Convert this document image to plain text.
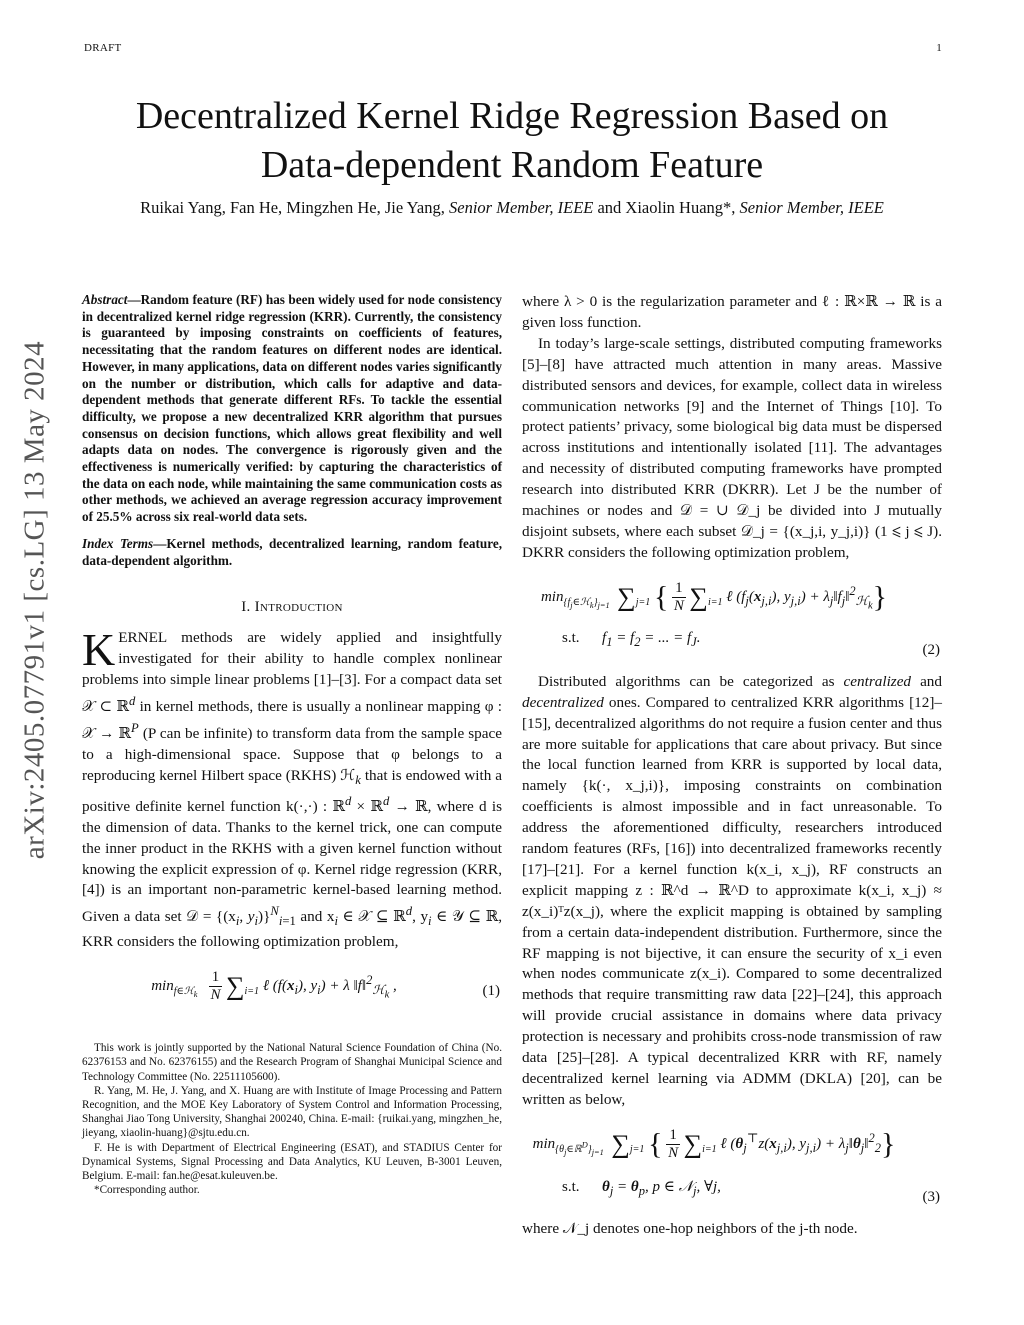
DRAFT	1
Decentralized Kernel Ridge Regression Based on
Data-dependent Random Feature
Ruikai Yang, Fan He, Mingzhen He, Jie Yang, Senior Member, IEEE and Xiaolin Huang*, Senior Member, IEEE
arXiv:2405.07791v1 [cs.LG] 13 May 2024

Abstract—Random feature (RF) has been widely used for node consistency in decentralized kernel ridge regression (KRR). Currently, the consistency is guaranteed by imposing constraints on coefficients of features, necessitating that the random features on different nodes are identical. However, in many applications, data on different nodes varies significantly on the number or distribution, which calls for adaptive and data-dependent methods that generate different RFs. To tackle the essential difficulty, we propose a new decentralized KRR algorithm that pursues consensus on decision functions, which allows great flexibility and well adapts data on nodes. The convergence is rigorously given and the effectiveness is numerically verified: by capturing the characteristics of the data on each node, while maintaining the same communication costs as other methods, we achieved an average regression accuracy improvement of 25.5% across six real-world data sets.

Index Terms—Kernel methods, decentralized learning, random feature, data-dependent algorithm.

I. Introduction

KERNEL methods are widely applied and insightfully investigated for their ability to handle complex nonlinear problems into simple linear problems [1]–[3]. For a compact data set 𝒳 ⊂ ℝ$^d$ in kernel methods, there is usually a nonlinear mapping φ : 𝒳 → ℝ$^P$ (P can be infinite) to transform data from the sample space to a high-dimensional space. Suppose that φ belongs to a reproducing kernel Hilbert space (RKHS) ℋ$_k$ that is endowed with a positive definite kernel function k(·,·) : ℝ$^d$ × ℝ$^d$ → ℝ, where d is the dimension of data. Thanks to the kernel trick, one can compute the inner product in the RKHS with a given kernel function without knowing the explicit expression of φ. Kernel ridge regression (KRR, [4]) is an important non-parametric kernel-based learning method. Given a data set 𝒟 = {($x_i$, $y_i)\}^N_{i=1}$ and $x_i$ ∈ 𝒳 ⊆ ℝ$^d$, $y_i$ ∈ 𝒴 ⊆ ℝ, KRR considers the following optimization problem,

$\min_{f\in ℋ_k} \frac{1}{N} \sum_{i=1}$ ℓ ($f(x_i)$, $y_i) + \lambda$ ‖f‖$^2_{ℋ_k}$ ,	(1)

This work is jointly supported by the National Natural Science Foundation of China (No. 62376153 and No. 62376155) and the Research Program of Shanghai Municipal Science and Technology Committee (No. 22511105600).

R. Yang, M. He, J. Yang, and X. Huang are with Institute of Image Processing and Pattern Recognition, and the MOE Key Laboratory of System Control and Information Processing, Shanghai Jiao Tong University, Shanghai 200240, China. E-mail: {ruikai.yang, mingzhen_he, jieyang, xiaolin-huang}@sjtu.edu.cn.

F. He is with Department of Electrical Engineering (ESAT), and STADIUS Center for Dynamical Systems, Signal Processing and Data Analytics, KU Leuven, B-3001 Leuven, Belgium. E-mail: fan.he@esat.kuleuven.be.

*Corresponding author.

where λ > 0 is the regularization parameter and ℓ : ℝ×ℝ → ℝ is a given loss function.

In today’s large-scale settings, distributed computing frameworks [5]–[8] have attracted much attention in many areas. Massive distributed sensors and devices, for example, collect data in wireless communication networks [9] and the Internet of Things [10]. To protect patients’ privacy, some biological big data must be dispersed across institutions and intentionally isolated [11]. The advantages and necessity of distributed computing frameworks have prompted research into distributed KRR (DKRR). Let J be the number of machines or nodes and 𝒟 = ∪ 𝒟_j be divided into J mutually disjoint subsets, where each subset 𝒟_j = {(x_j,i, y_j,i)} (1 ⩽ j ⩽ J). DKRR considers the following optimization problem,

$\min_{\{f_j\in ℋ_k\}_{j=1}} \sum_{j=1}$ { $\frac{1}{N} \sum_{i=1}$ ℓ ($f_j(x_{j,i})$, $y_{j,i}$) + $\lambda_j‖f_j‖^2_{ℋ_k}$}
s.t.      $f_1 = f_2$ = ... = $f_J$.
(2)

Distributed algorithms can be categorized as centralized and decentralized ones. Compared to centralized KRR algorithms [12]–[15], decentralized algorithms do not require a fusion center and thus are more suitable for applications that care about privacy. But since the local function learned from KRR is supported by local data, namely {k(·, x_j,i)}, imposing constraints on combination coefficients is almost impossible and in fact unreasonable. To address the aforementioned difficulty, researchers introduced random features (RFs, [16]) into decentralized frameworks recently [17]–[21]. For a kernel function k(x_i, x_j), RF constructs an explicit mapping z : ℝ^d → ℝ^D to approximate k(x_i, x_j) ≈ z(x_i)ᵀz(x_j), where the explicit mapping is obtained by sampling from a certain data-independent distribution. Furthermore, since the RF mapping is not bijective, it can ensure the security of x_i even when nodes communicate z(x_i). Compared to some decentralized methods that require transmitting raw data [22]–[24], this approach will provide crucial assistance in domains where data privacy protection is necessary and prohibits cross-node transmission of raw data [25]–[28]. A typical decentralized KRR with RF, namely decentralized kernel learning via ADMM (DKLA) [20], can be written as below,

$\min_{\{\theta_j\in ℝ^D\}_{j=1}} \sum_{j=1}$ { $\frac{1}{N} \sum_{i=1}$ ℓ ($\theta_j^⊤z(x_{j,i})$, $y_{j,i}$) + $\lambda_j‖\theta_j‖^2_2$}
s.t. $\theta_j = \theta_p$, p ∈ 𝒩$_j$, ∀j,
(3)

where 𝒩_j denotes one-hop neighbors of the j-th node.
